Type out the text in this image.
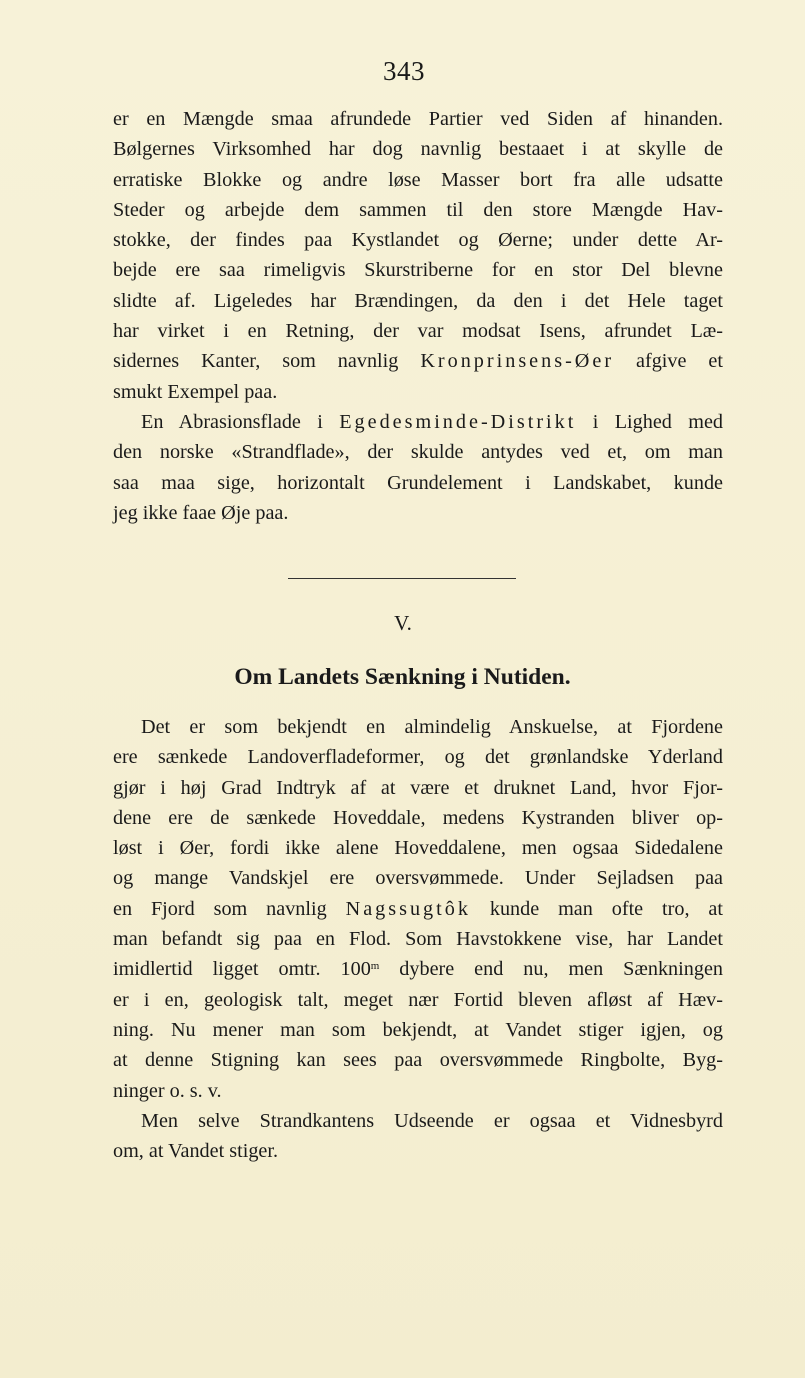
343
er en Mængde smaa afrundede Partier ved Siden af hinanden.
Bølgernes Virksomhed har dog navnlig bestaaet i at skylle de
erratiske Blokke og andre løse Masser bort fra alle udsatte
Steder og arbejde dem sammen til den store Mængde Hav-
stokke, der findes paa Kystlandet og Øerne; under dette Ar-
bejde ere saa rimeligvis Skurstriberne for en stor Del blevne
slidte af. Ligeledes har Brændingen, da den i det Hele taget
har virket i en Retning, der var modsat Isens, afrundet Læ-
sidernes Kanter, som navnlig Kronprinsens-Øer afgive et
smukt Exempel paa.
En Abrasionsflade i Egedesminde-Distrikt i Lighed med
den norske «Strandflade», der skulde antydes ved et, om man
saa maa sige, horizontalt Grundelement i Landskabet, kunde
jeg ikke faae Øje paa.
V.
Om Landets Sænkning i Nutiden.
Det er som bekjendt en almindelig Anskuelse, at Fjordene
ere sænkede Landoverfladeformer, og det grønlandske Yderland
gjør i høj Grad Indtryk af at være et druknet Land, hvor Fjor-
dene ere de sænkede Hoveddale, medens Kystranden bliver op-
løst i Øer, fordi ikke alene Hoveddalene, men ogsaa Sidedalene
og mange Vandskjel ere oversvømmede. Under Sejladsen paa
en Fjord som navnlig Nagssugtôk kunde man ofte tro, at
man befandt sig paa en Flod. Som Havstokkene vise, har Landet
imidlertid ligget omtr. 100$^m$ dybere end nu, men Sænkningen
er i en, geologisk talt, meget nær Fortid bleven afløst af Hæv-
ning. Nu mener man som bekjendt, at Vandet stiger igjen, og
at denne Stigning kan sees paa oversvømmede Ringbolte, Byg-
ninger o. s. v.
Men selve Strandkantens Udseende er ogsaa et Vidnesbyrd
om, at Vandet stiger.
